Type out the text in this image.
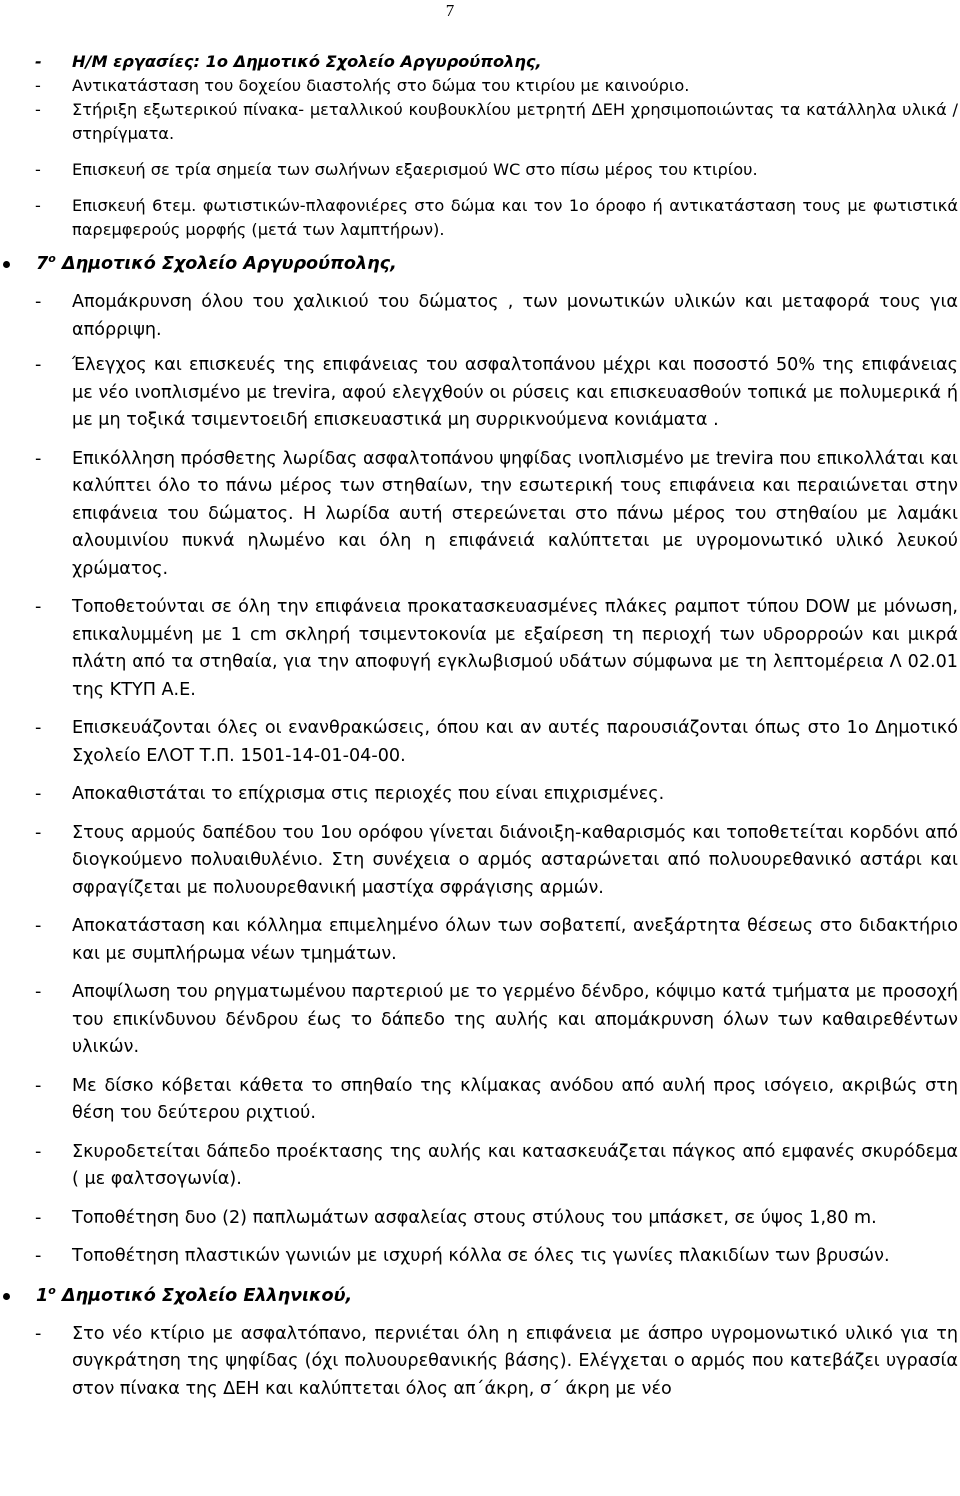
7
- Η/Μ εργασίες: 1ο Δημοτικό Σχολείο Αργυρούπολης,
- Αντικατάσταση του δοχείου διαστολής στο δώμα του κτιρίου με καινούριο.
- Στήριξη εξωτερικού πίνακα- μεταλλικού κουβουκλίου μετρητή ΔΕΗ χρησιμοποιώντας τα κατάλληλα υλικά / στηρίγματα.
- Επισκευή σε τρία σημεία των σωλήνων εξαερισμού WC στο πίσω μέρος του κτιρίου.
- Επισκευή 6τεμ. φωτιστικών-πλαφονιέρες στο δώμα και τον 1ο όροφο ή αντικατάσταση τους με φωτιστικά παρεμφερούς μορφής (μετά των λαμπτήρων).
$7^o$ Δημοτικό Σχολείο Αργυρούπολης,
- Απομάκρυνση όλου του χαλικιού του δώματος , των μονωτικών υλικών και μεταφορά τους για απόρριψη.
- Έλεγχος και επισκευές της επιφάνειας του ασφαλτοπάνου μέχρι και ποσοστό 50% της επιφάνειας με νέο ινοπλισμένο με trevira, αφού ελεγχθούν οι ρύσεις και επισκευασθούν τοπικά με πολυμερικά ή με μη τοξικά τσιμεντοειδή επισκευαστικά μη συρρικνούμενα κονιάματα .
- Επικόλληση πρόσθετης λωρίδας ασφαλτοπάνου ψηφίδας ινοπλισμένο με trevira που επικολλάται και καλύπτει όλο το πάνω μέρος των στηθαίων, την εσωτερική τους επιφάνεια και περαιώνεται στην επιφάνεια του δώματος. Η λωρίδα αυτή στερεώνεται στο πάνω μέρος του στηθαίου με λαμάκι αλουμινίου πυκνά ηλωμένο και όλη η επιφάνειά καλύπτεται με υγρομονωτικό υλικό λευκού χρώματος.
- Τοποθετούνται σε όλη την επιφάνεια προκατασκευασμένες πλάκες ραμποτ τύπου DOW με μόνωση, επικαλυμμένη με 1 cm σκληρή τσιμεντοκονία με εξαίρεση τη περιοχή των υδρορροών και μικρά πλάτη από τα στηθαία, για την αποφυγή εγκλωβισμού υδάτων σύμφωνα με τη λεπτομέρεια Λ 02.01 της ΚΤΥΠ Α.Ε.
- Επισκευάζονται όλες οι ενανθρακώσεις, όπου και αν αυτές παρουσιάζονται όπως στο 1ο Δημοτικό Σχολείο ΕΛΟΤ Τ.Π. 1501-14-01-04-00.
- Αποκαθιστάται το επίχρισμα στις περιοχές που είναι επιχρισμένες.
- Στους αρμούς δαπέδου του 1ου ορόφου γίνεται διάνοιξη-καθαρισμός και τοποθετείται κορδόνι από διογκούμενο πολυαιθυλένιο. Στη συνέχεια ο αρμός ασταρώνεται από πολυουρεθανικό αστάρι και σφραγίζεται με πολυουρεθανική μαστίχα σφράγισης αρμών.
- Αποκατάσταση και κόλλημα επιμελημένο όλων των σοβατεπί, ανεξάρτητα θέσεως στο διδακτήριο και με συμπλήρωμα νέων τμημάτων.
- Αποψίλωση του ρηγματωμένου παρτεριού με το γερμένο δένδρο, κόψιμο κατά τμήματα με προσοχή του επικίνδυνου δένδρου έως το δάπεδο της αυλής και απομάκρυνση όλων των καθαιρεθέντων υλικών.
- Με δίσκο κόβεται κάθετα το σπηθαίο της κλίμακας ανόδου από αυλή προς ισόγειο, ακριβώς στη θέση του δεύτερου ριχτιού.
- Σκυροδετείται δάπεδο προέκτασης της αυλής και κατασκευάζεται πάγκος από εμφανές σκυρόδεμα ( με φαλτσογωνία).
- Τοποθέτηση δυο (2) παπλωμάτων ασφαλείας στους στύλους του μπάσκετ, σε ύψος 1,80 m.
- Τοποθέτηση πλαστικών γωνιών με ισχυρή κόλλα σε όλες τις γωνίες πλακιδίων των βρυσών.
$1^o$ Δημοτικό Σχολείο Ελληνικού,
- Στο νέο κτίριο με ασφαλτόπανο, περνιέται όλη η επιφάνεια με άσπρο υγρομονωτικό υλικό για τη συγκράτηση της ψηφίδας (όχι πολυουρεθανικής βάσης). Ελέγχεται ο αρμός που κατεβάζει υγρασία στον πίνακα της ΔΕΗ και καλύπτεται όλος απ΄άκρη, σ΄ άκρη με νέο
